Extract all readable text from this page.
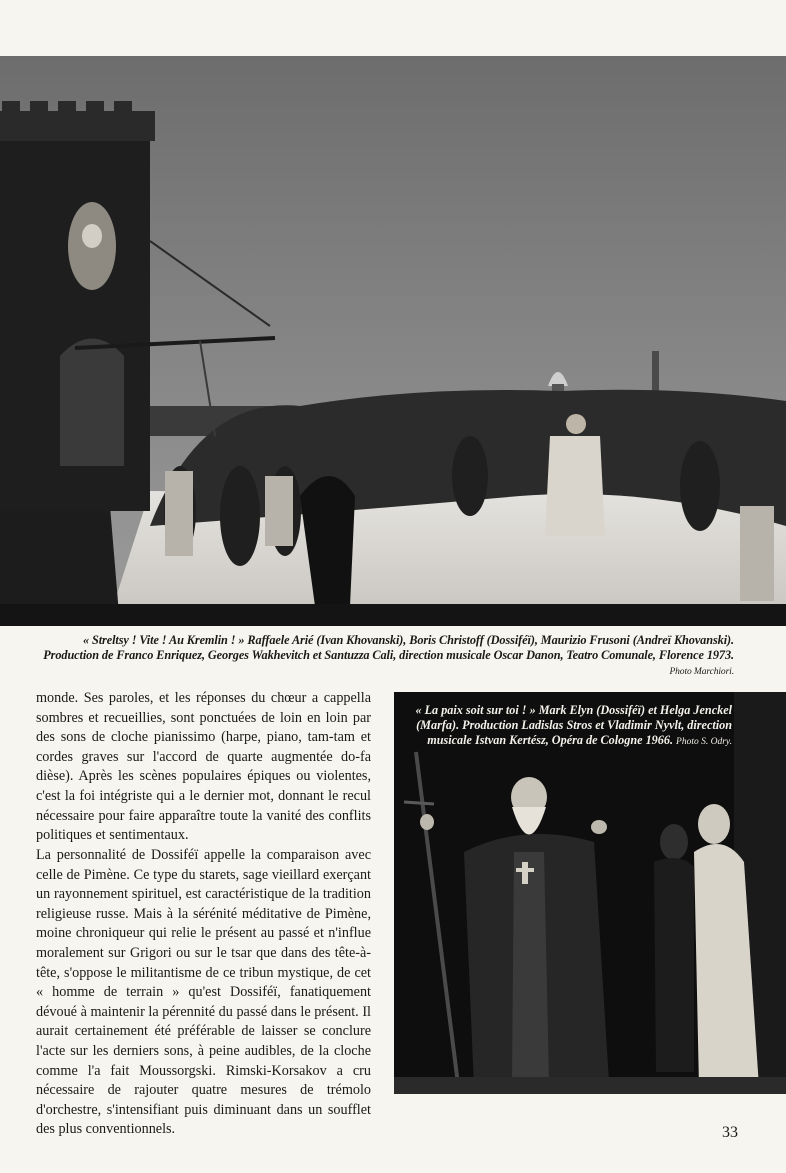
« Streltsy ! Vite ! Au Kremlin ! » Raffaele Arié (Ivan Khovanski), Boris Christoff (Dossiféï), Maurizio Frusoni (Andreï Khovanski). Production de Franco Enriquez, Georges Wakhevitch et Santuzza Cali, direction musicale Oscar Danon, Teatro Comunale, Florence 1973. Photo Marchiori.

monde. Ses paroles, et les réponses du chœur a cappella sombres et recueillies, sont ponctuées de loin en loin par des sons de cloche pianissimo (harpe, piano, tam-tam et cordes graves sur l'accord de quarte augmentée do-fa dièse). Après les scènes populaires épiques ou violentes, c'est la foi intégriste qui a le dernier mot, donnant le recul nécessaire pour faire apparaître toute la vanité des conflits politiques et sentimentaux.

La personnalité de Dossiféï appelle la comparaison avec celle de Pimène. Ce type du starets, sage vieillard exerçant un rayonnement spirituel, est caractéristique de la tradition religieuse russe. Mais à la sérénité méditative de Pimène, moine chroniqueur qui relie le présent au passé et n'influe moralement sur Grigori ou sur le tsar que dans des tête-à-tête, s'oppose le militantisme de ce tribun mystique, de cet « homme de terrain » qu'est Dossiféï, fanatiquement dévoué à maintenir la pérennité du passé dans le présent. Il aurait certainement été préférable de laisser se conclure l'acte sur les derniers sons, à peine audibles, de la cloche comme l'a fait Moussorgski. Rimski-Korsakov a cru nécessaire de rajouter quatre mesures de trémolo d'orchestre, s'intensifiant puis diminuant dans un soufflet des plus conventionnels.

« La paix soit sur toi ! » Mark Elyn (Dossiféï) et Helga Jenckel (Marfa). Production Ladislas Stros et Vladimir Nyvlt, direction musicale Istvan Kertész, Opéra de Cologne 1966. Photo S. Odry.
33
